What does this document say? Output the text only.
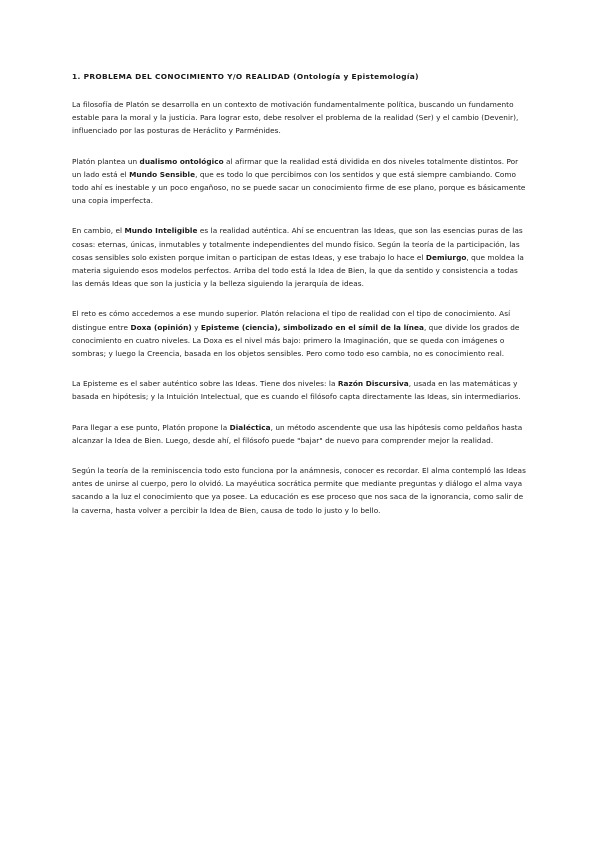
1. PROBLEMA DEL CONOCIMIENTO Y/O REALIDAD (Ontología y Epistemología)

La filosofía de Platón se desarrolla en un contexto de motivación fundamentalmente política, buscando un fundamento estable para la moral y la justicia. Para lograr esto, debe resolver el problema de la realidad (Ser) y el cambio (Devenir), influenciado por las posturas de Heráclito y Parménides.

Platón plantea un dualismo ontológico al afirmar que la realidad está dividida en dos niveles totalmente distintos. Por un lado está el Mundo Sensible, que es todo lo que percibimos con los sentidos y que está siempre cambiando. Como todo ahí es inestable y un poco engañoso, no se puede sacar un conocimiento firme de ese plano, porque es básicamente una copia imperfecta.

En cambio, el Mundo Inteligible es la realidad auténtica. Ahí se encuentran las Ideas, que son las esencias puras de las cosas: eternas, únicas, inmutables y totalmente independientes del mundo físico. Según la teoría de la participación, las cosas sensibles solo existen porque imitan o participan de estas Ideas, y ese trabajo lo hace el Demiurgo, que moldea la materia siguiendo esos modelos perfectos. Arriba del todo está la Idea de Bien, la que da sentido y consistencia a todas las demás Ideas que son la justicia y la belleza siguiendo la jerarquía de ideas.

El reto es cómo accedemos a ese mundo superior. Platón relaciona el tipo de realidad con el tipo de conocimiento. Así distingue entre Doxa (opinión) y Episteme (ciencia), simbolizado en el símil de la línea, que divide los grados de conocimiento en cuatro niveles. La Doxa es el nivel más bajo: primero la Imaginación, que se queda con imágenes o sombras; y luego la Creencia, basada en los objetos sensibles. Pero como todo eso cambia, no es conocimiento real.

La Episteme es el saber auténtico sobre las Ideas. Tiene dos niveles: la Razón Discursiva, usada en las matemáticas y basada en hipótesis; y la Intuición Intelectual, que es cuando el filósofo capta directamente las Ideas, sin intermediarios.

Para llegar a ese punto, Platón propone la Dialéctica, un método ascendente que usa las hipótesis como peldaños hasta alcanzar la Idea de Bien. Luego, desde ahí, el filósofo puede "bajar" de nuevo para comprender mejor la realidad.

Según la teoría de la reminiscencia todo esto funciona por la anámnesis, conocer es recordar. El alma contempló las Ideas antes de unirse al cuerpo, pero lo olvidó. La mayéutica socrática permite que mediante preguntas y diálogo el alma vaya sacando a la luz el conocimiento que ya posee. La educación es ese proceso que nos saca de la ignorancia, como salir de la caverna, hasta volver a percibir la Idea de Bien, causa de todo lo justo y lo bello.
